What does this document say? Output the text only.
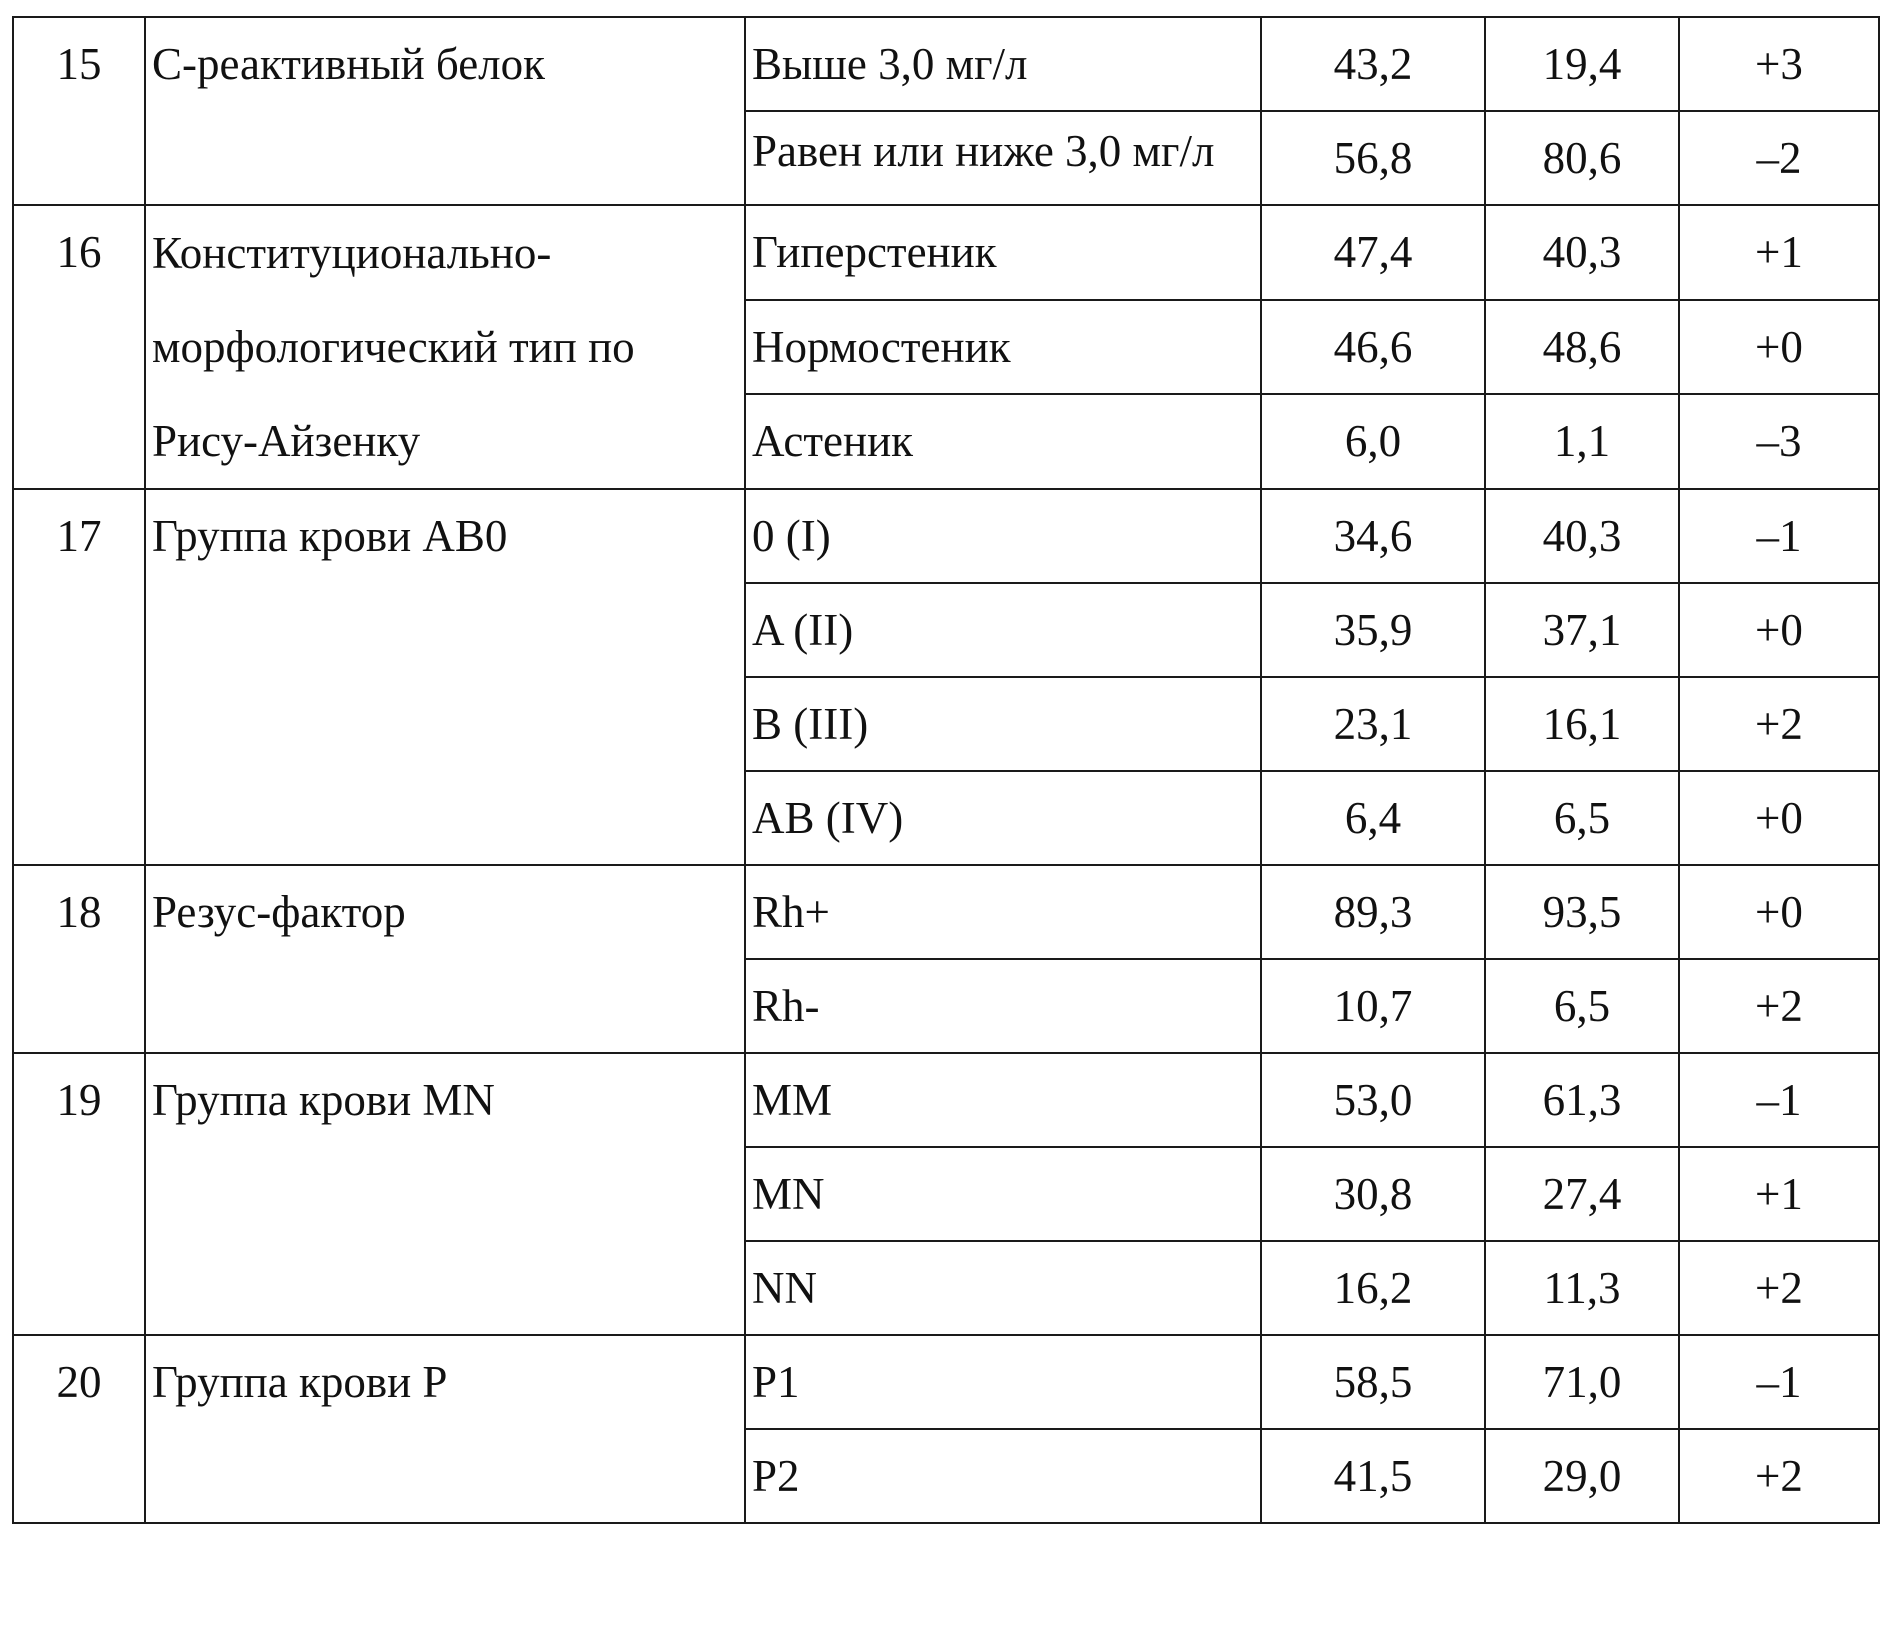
15	С-реактивный белок	Выше 3,0 мг/л	43,2	19,4	+3
		Равен или ниже 3,0 мг/л	56,8	80,6	–2
16	Конституционально-морфологический тип по Рису-Айзенку	Гиперстеник	47,4	40,3	+1
		Нормостеник	46,6	48,6	+0
		Астеник	6,0	1,1	–3
17	Группа крови АВ0	0 (I)	34,6	40,3	–1
		A (II)	35,9	37,1	+0
		B (III)	23,1	16,1	+2
		AB (IV)	6,4	6,5	+0
18	Резус-фактор	Rh+	89,3	93,5	+0
		Rh-	10,7	6,5	+2
19	Группа крови MN	MM	53,0	61,3	–1
		MN	30,8	27,4	+1
		NN	16,2	11,3	+2
20	Группа крови Р	P1	58,5	71,0	–1
		P2	41,5	29,0	+2
